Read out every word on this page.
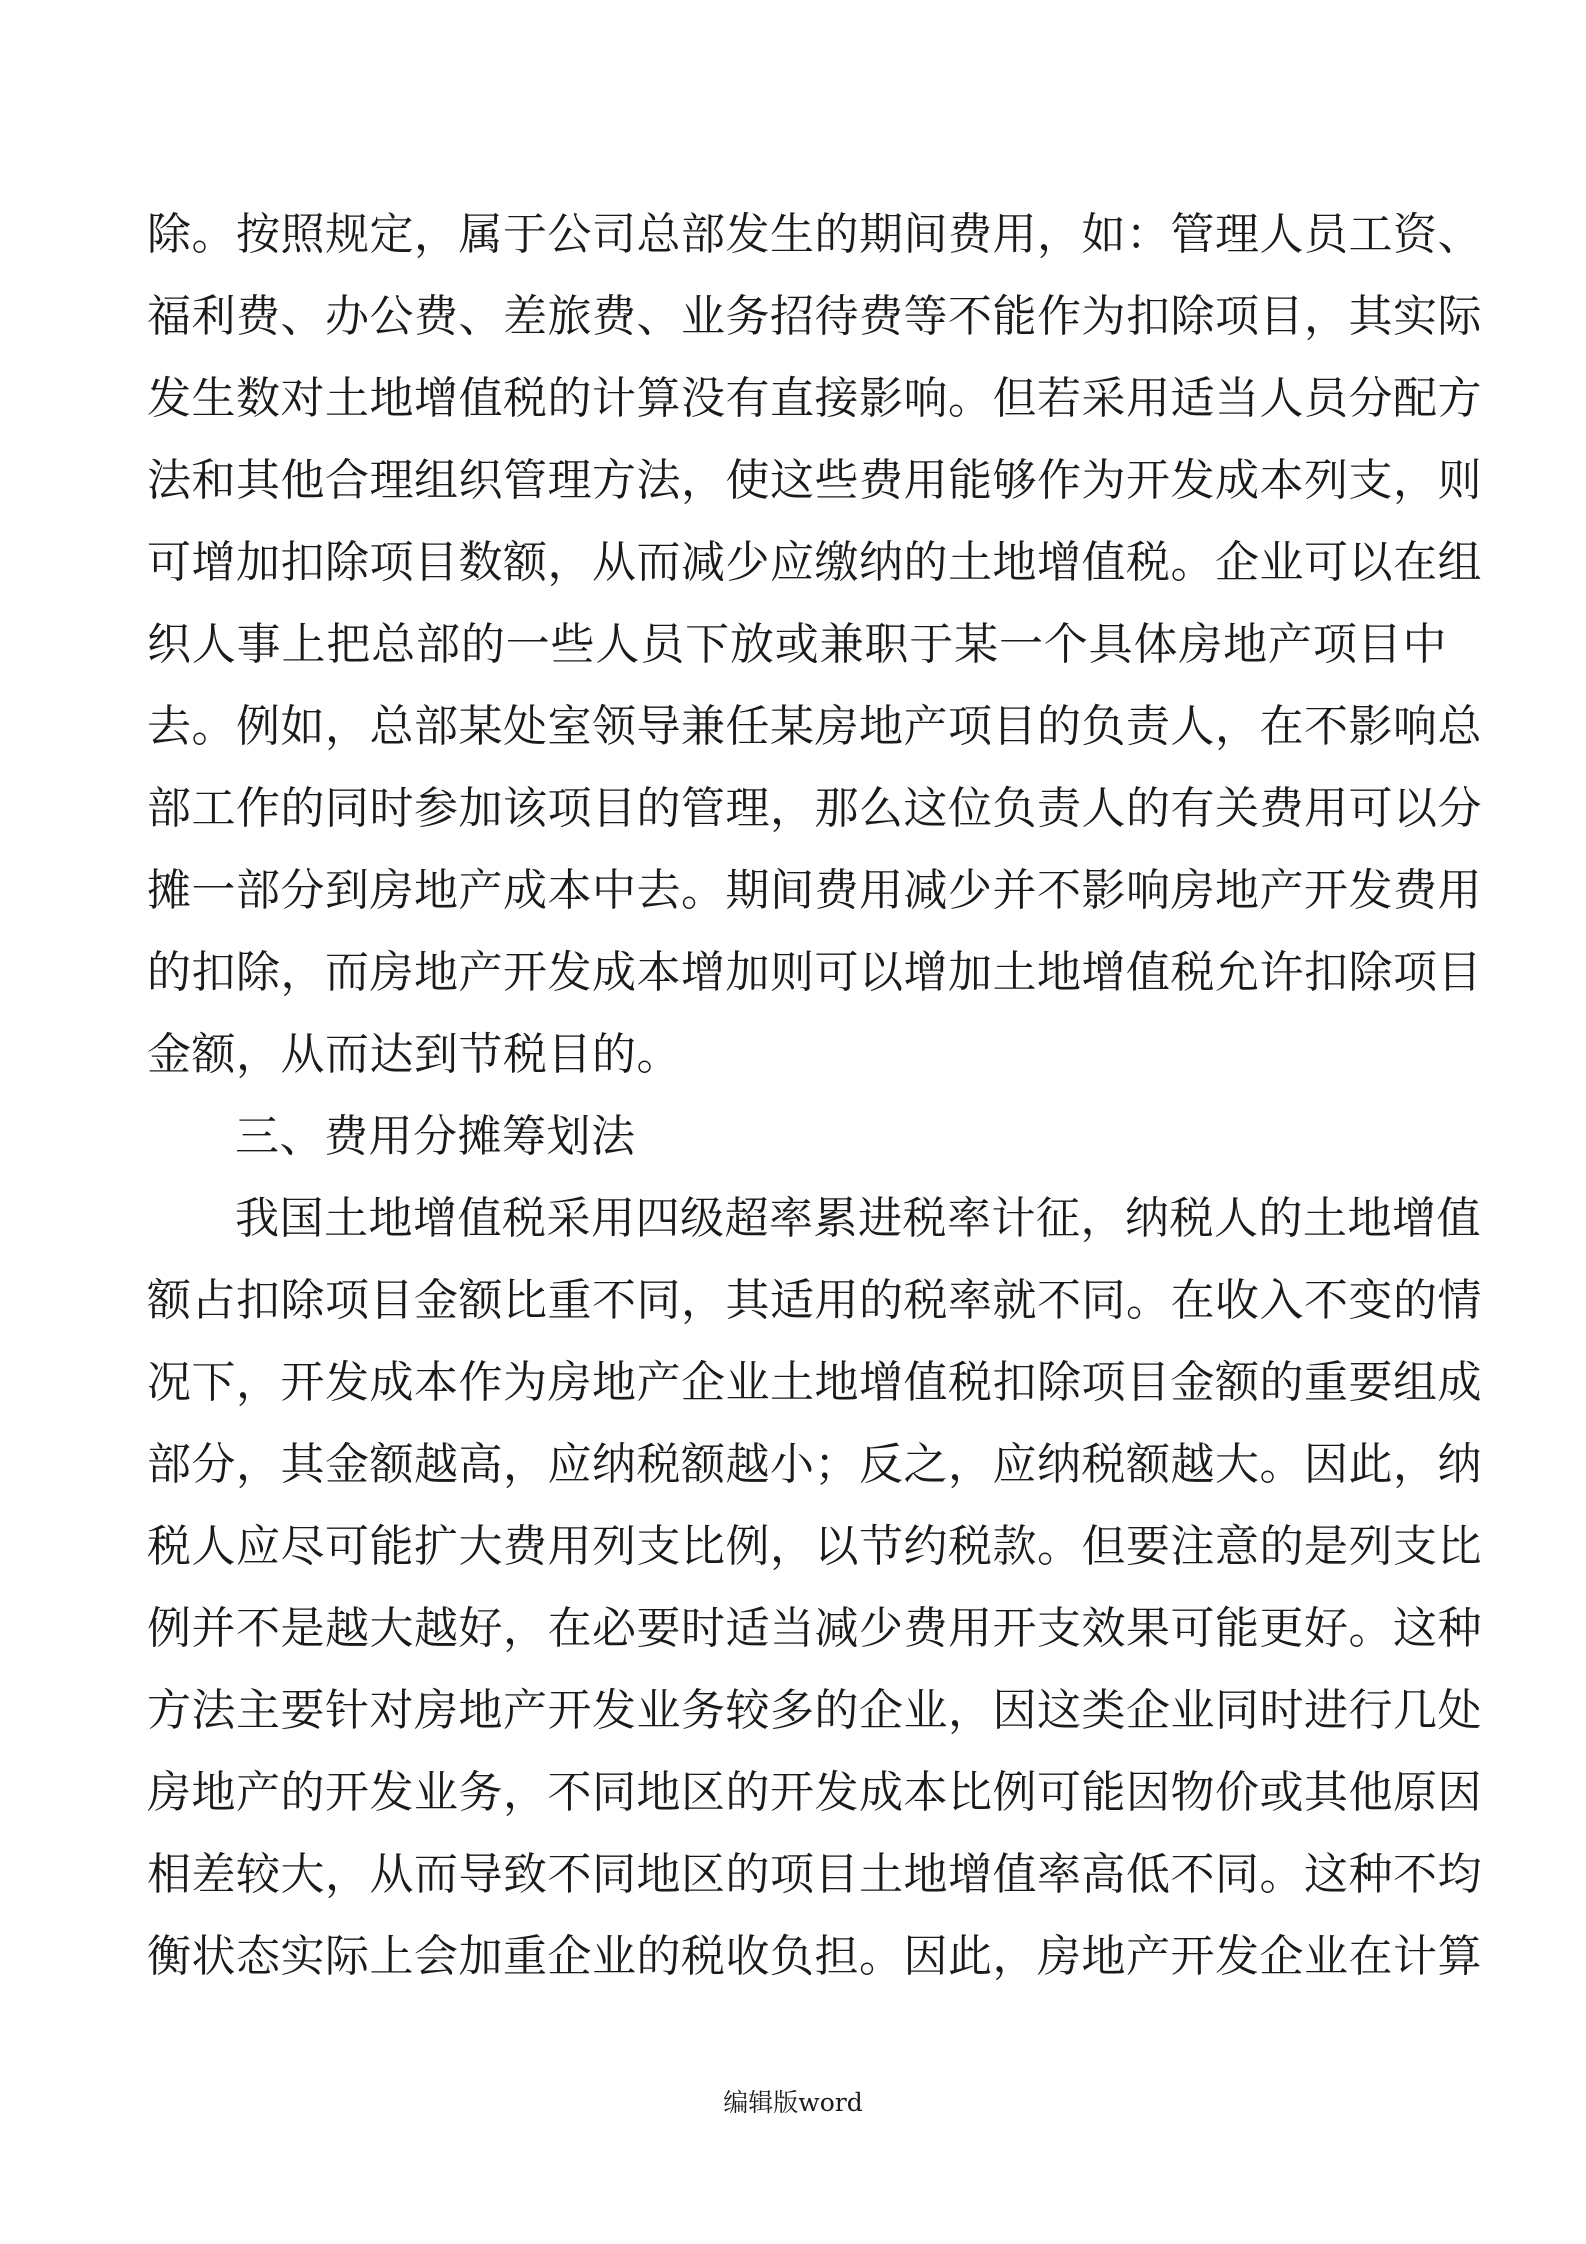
除。按照规定，属于公司总部发生的期间费用，如：管理人员工资、
福利费、办公费、差旅费、业务招待费等不能作为扣除项目，其实际
发生数对土地增值税的计算没有直接影响。但若采用适当人员分配方
法和其他合理组织管理方法，使这些费用能够作为开发成本列支，则
可增加扣除项目数额，从而减少应缴纳的土地增值税。企业可以在组
织人事上把总部的一些人员下放或兼职于某一个具体房地产项目中
去。例如，总部某处室领导兼任某房地产项目的负责人，在不影响总
部工作的同时参加该项目的管理，那么这位负责人的有关费用可以分
摊一部分到房地产成本中去。期间费用减少并不影响房地产开发费用
的扣除，而房地产开发成本增加则可以增加土地增值税允许扣除项目
金额，从而达到节税目的。
三、费用分摊筹划法
我国土地增值税采用四级超率累进税率计征，纳税人的土地增值
额占扣除项目金额比重不同，其适用的税率就不同。在收入不变的情
况下，开发成本作为房地产企业土地增值税扣除项目金额的重要组成
部分，其金额越高，应纳税额越小；反之，应纳税额越大。因此，纳
税人应尽可能扩大费用列支比例，以节约税款。但要注意的是列支比
例并不是越大越好，在必要时适当减少费用开支效果可能更好。这种
方法主要针对房地产开发业务较多的企业，因这类企业同时进行几处
房地产的开发业务，不同地区的开发成本比例可能因物价或其他原因
相差较大，从而导致不同地区的项目土地增值率高低不同。这种不均
衡状态实际上会加重企业的税收负担。因此，房地产开发企业在计算
编辑版word
